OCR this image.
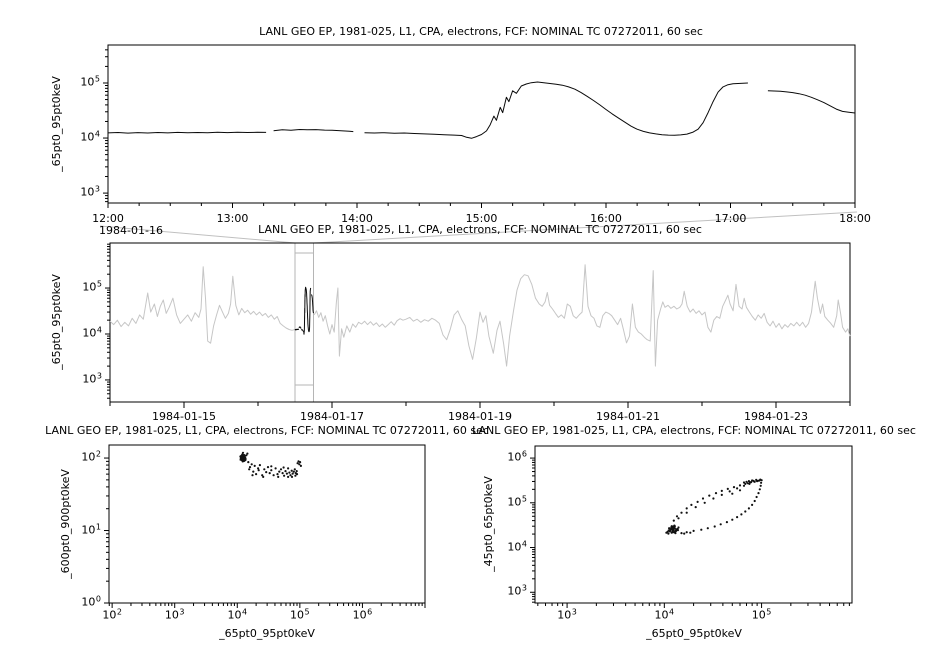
LANL GEO EP, 1981-025, L1, CPA, electrons, FCF: NOMINAL TC 07272011, 60 sec
LANL GEO EP, 1981-025, L1, CPA, electrons, FCF: NOMINAL TC 07272011, 60 sec
LANL GEO EP, 1981-025, L1, CPA, electrons, FCF: NOMINAL TC 07272011, 60 sec
LANL GEO EP, 1981-025, L1, CPA, electrons, FCF: NOMINAL TC 07272011, 60 sec
_65pt0_95pt0keV
_65pt0_95pt0keV
_600pt0_900pt0keV	_45pt0_65pt0keV
_65pt0_95pt0keV	_65pt0_95pt0keV
1984-01-16
$10^3$
$10^4$
$10^5$
12:00	13:00	14:00	15:00	16:00	17:00	18:00
$10^3$
$10^4$
$10^5$
1984-01-15	1984-01-17	1984-01-19	1984-01-21	1984-01-23
$10^0$
$10^1$
$10^2$
$10^2$	$10^3$	$10^4$	$10^5$	$10^6$
$10^3$
$10^4$
$10^5$
$10^6$
$10^3$	$10^4$	$10^5$
